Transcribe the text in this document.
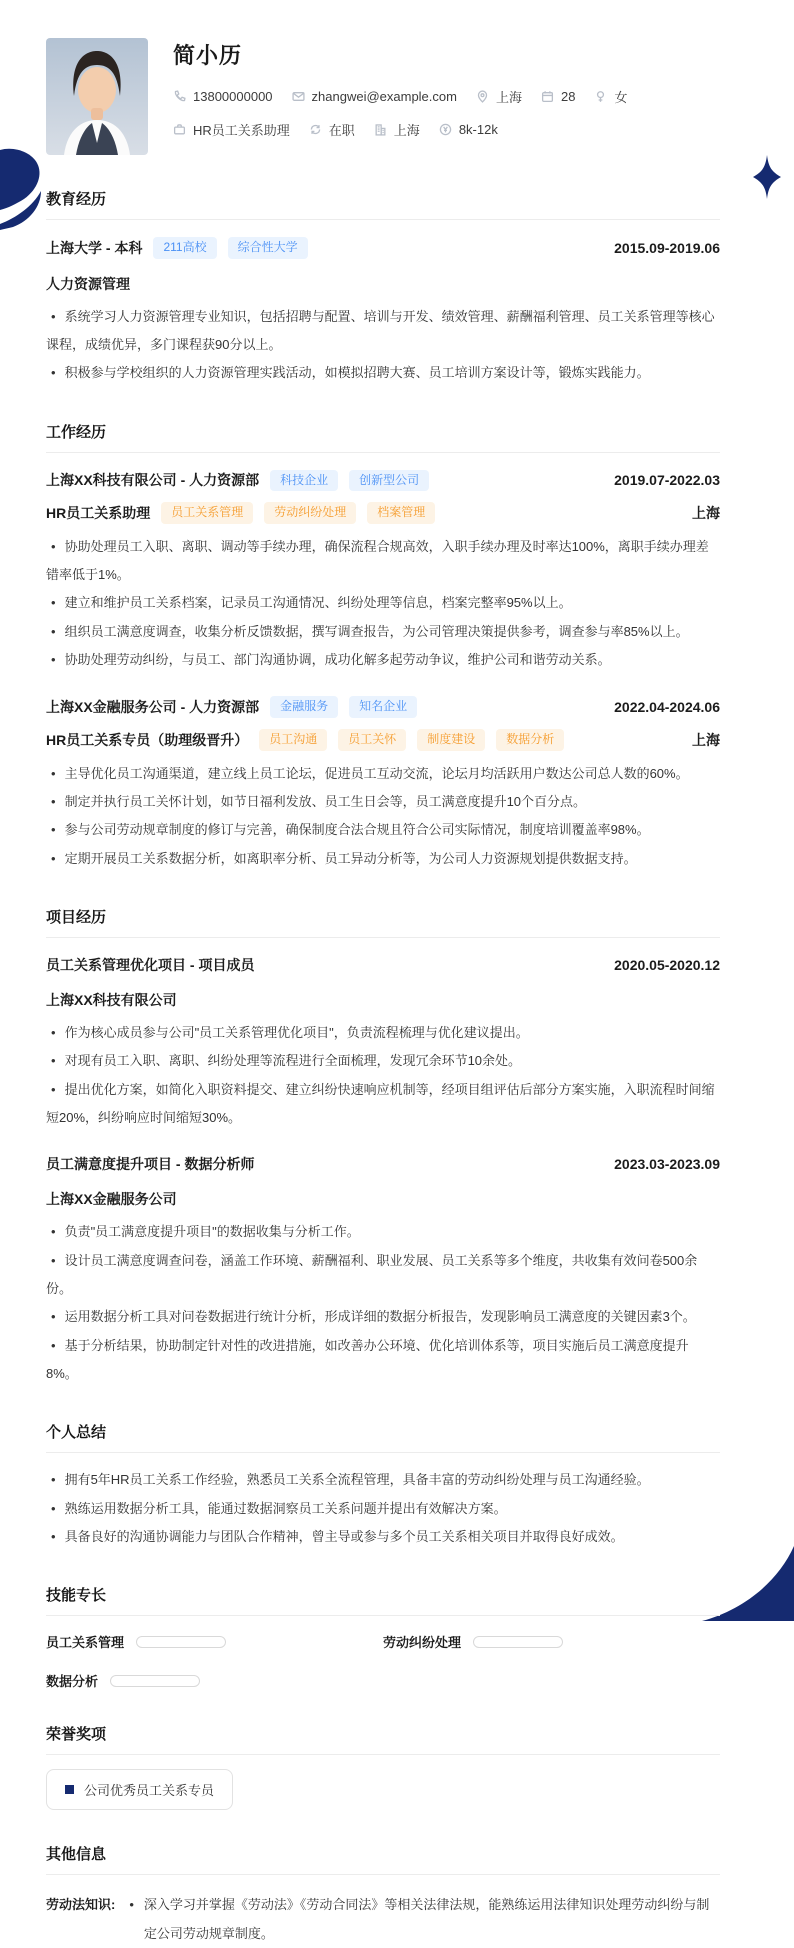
简小历
13800000000	zhangwei@example.com	上海	28	女
HR员工关系助理	在职	上海	8k-12k
教育经历
上海大学 - 本科	211高校	综合性大学	2015.09-2019.06
人力资源管理

• 系统学习人力资源管理专业知识，包括招聘与配置、培训与开发、绩效管理、薪酬福利管理、员工关系管理等核心课程，成绩优异，多门课程获90分以上。

• 积极参与学校组织的人力资源管理实践活动，如模拟招聘大赛、员工培训方案设计等，锻炼实践能力。

工作经历
上海XX科技有限公司 - 人力资源部	科技企业	创新型公司	2019.07-2022.03
HR员工关系助理	员工关系管理	劳动纠纷处理	档案管理	上海

• 协助处理员工入职、离职、调动等手续办理，确保流程合规高效，入职手续办理及时率达100%，离职手续办理差错率低于1%。

• 建立和维护员工关系档案，记录员工沟通情况、纠纷处理等信息，档案完整率95%以上。

• 组织员工满意度调查，收集分析反馈数据，撰写调查报告，为公司管理决策提供参考，调查参与率85%以上。

• 协助处理劳动纠纷，与员工、部门沟通协调，成功化解多起劳动争议，维护公司和谐劳动关系。

上海XX金融服务公司 - 人力资源部	金融服务	知名企业	2022.04-2024.06
HR员工关系专员（助理级晋升）	员工沟通	员工关怀	制度建设	数据分析	上海

• 主导优化员工沟通渠道，建立线上员工论坛，促进员工互动交流，论坛月均活跃用户数达公司总人数的60%。

• 制定并执行员工关怀计划，如节日福利发放、员工生日会等，员工满意度提升10个百分点。

• 参与公司劳动规章制度的修订与完善，确保制度合法合规且符合公司实际情况，制度培训覆盖率98%。

• 定期开展员工关系数据分析，如离职率分析、员工异动分析等，为公司人力资源规划提供数据支持。

项目经历
员工关系管理优化项目 - 项目成员	2020.05-2020.12
上海XX科技有限公司

• 作为核心成员参与公司"员工关系管理优化项目"，负责流程梳理与优化建议提出。

• 对现有员工入职、离职、纠纷处理等流程进行全面梳理，发现冗余环节10余处。

• 提出优化方案，如简化入职资料提交、建立纠纷快速响应机制等，经项目组评估后部分方案实施，入职流程时间缩短20%，纠纷响应时间缩短30%。

员工满意度提升项目 - 数据分析师	2023.03-2023.09
上海XX金融服务公司

• 负责"员工满意度提升项目"的数据收集与分析工作。

• 设计员工满意度调查问卷，涵盖工作环境、薪酬福利、职业发展、员工关系等多个维度，共收集有效问卷500余份。

• 运用数据分析工具对问卷数据进行统计分析，形成详细的数据分析报告，发现影响员工满意度的关键因素3个。

• 基于分析结果，协助制定针对性的改进措施，如改善办公环境、优化培训体系等，项目实施后员工满意度提升8%。

个人总结

• 拥有5年HR员工关系工作经验，熟悉员工关系全流程管理，具备丰富的劳动纠纷处理与员工沟通经验。

• 熟练运用数据分析工具，能通过数据洞察员工关系问题并提出有效解决方案。

• 具备良好的沟通协调能力与团队合作精神，曾主导或参与多个员工关系相关项目并取得良好成效。

技能专长
员工关系管理	劳动纠纷处理
数据分析
荣誉奖项
公司优秀员工关系专员
其他信息
劳动法知识: • 深入学习并掌握《劳动法》《劳动合同法》等相关法律法规，能熟练运用法律知识处理劳动纠纷与制定公司劳动规章制度。
